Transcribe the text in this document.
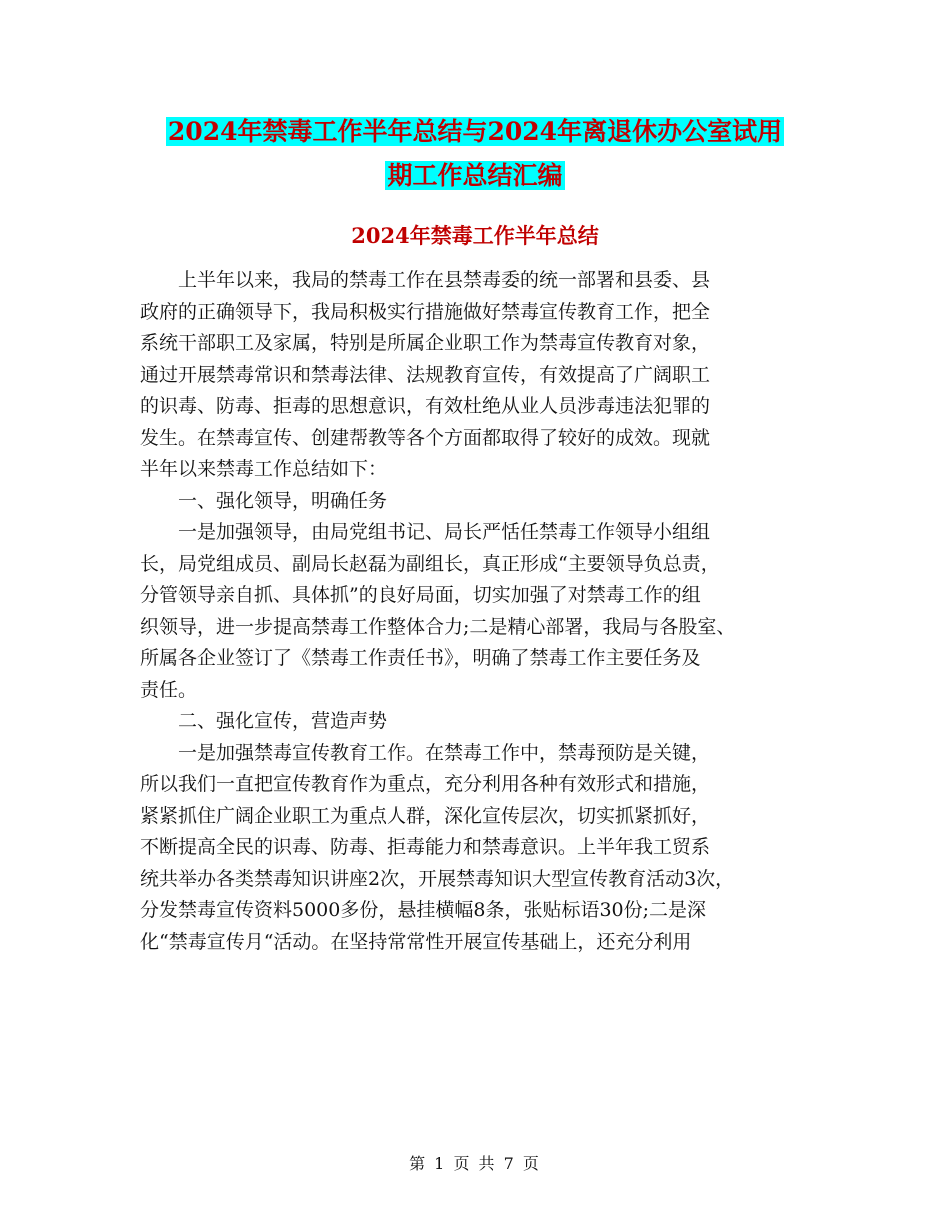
2024年禁毒工作半年总结与2024年离退休办公室试用
期工作总结汇编
2024年禁毒工作半年总结
　　上半年以来，我局的禁毒工作在县禁毒委的统一部署和县委、县
政府的正确领导下，我局积极实行措施做好禁毒宣传教育工作，把全
系统干部职工及家属，特别是所属企业职工作为禁毒宣传教育对象，
通过开展禁毒常识和禁毒法律、法规教育宣传，有效提高了广阔职工
的识毒、防毒、拒毒的思想意识，有效杜绝从业人员涉毒违法犯罪的
发生。在禁毒宣传、创建帮教等各个方面都取得了较好的成效。现就
半年以来禁毒工作总结如下：
　　一、强化领导，明确任务
　　一是加强领导，由局党组书记、局长严恬任禁毒工作领导小组组
长，局党组成员、副局长赵磊为副组长，真正形成“主要领导负总责，
分管领导亲自抓、具体抓”的良好局面，切实加强了对禁毒工作的组
织领导，进一步提高禁毒工作整体合力;二是精心部署，我局与各股室、
所属各企业签订了《禁毒工作责任书》，明确了禁毒工作主要任务及
责任。
　　二、强化宣传，营造声势
　　一是加强禁毒宣传教育工作。在禁毒工作中，禁毒预防是关键，
所以我们一直把宣传教育作为重点，充分利用各种有效形式和措施，
紧紧抓住广阔企业职工为重点人群，深化宣传层次，切实抓紧抓好，
不断提高全民的识毒、防毒、拒毒能力和禁毒意识。上半年我工贸系
统共举办各类禁毒知识讲座2次，开展禁毒知识大型宣传教育活动3次，
分发禁毒宣传资料5000多份，悬挂横幅8条，张贴标语30份;二是深
化“禁毒宣传月“活动。在坚持常常性开展宣传基础上，还充分利用
第 1 页 共 7 页
